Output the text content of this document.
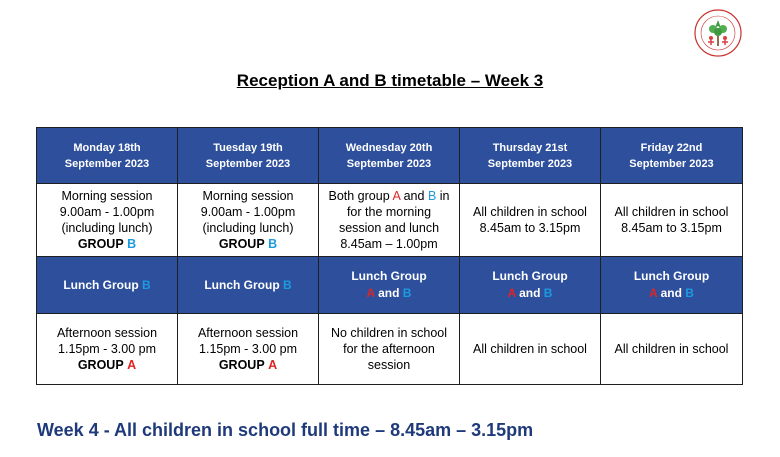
Reception A and B timetable – Week 3
Monday 18th
September 2023	Tuesday 19th
September 2023	Wednesday 20th
September 2023	Thursday 21st
September 2023	Friday 22nd
September 2023
Morning session
9.00am - 1.00pm
(including lunch)
GROUP B	Morning session
9.00am - 1.00pm
(including lunch)
GROUP B	Both group A and B in
for the morning
session and lunch
8.45am – 1.00pm	All children in school
8.45am to 3.15pm	All children in school
8.45am to 3.15pm
Lunch Group B	Lunch Group B	Lunch Group
A and B	Lunch Group
A and B	Lunch Group
A and B
Afternoon session
1.15pm - 3.00 pm
GROUP A	Afternoon session
1.15pm - 3.00 pm
GROUP A	No children in school
for the afternoon
session	All children in school	All children in school
Week 4 - All children in school full time – 8.45am – 3.15pm
